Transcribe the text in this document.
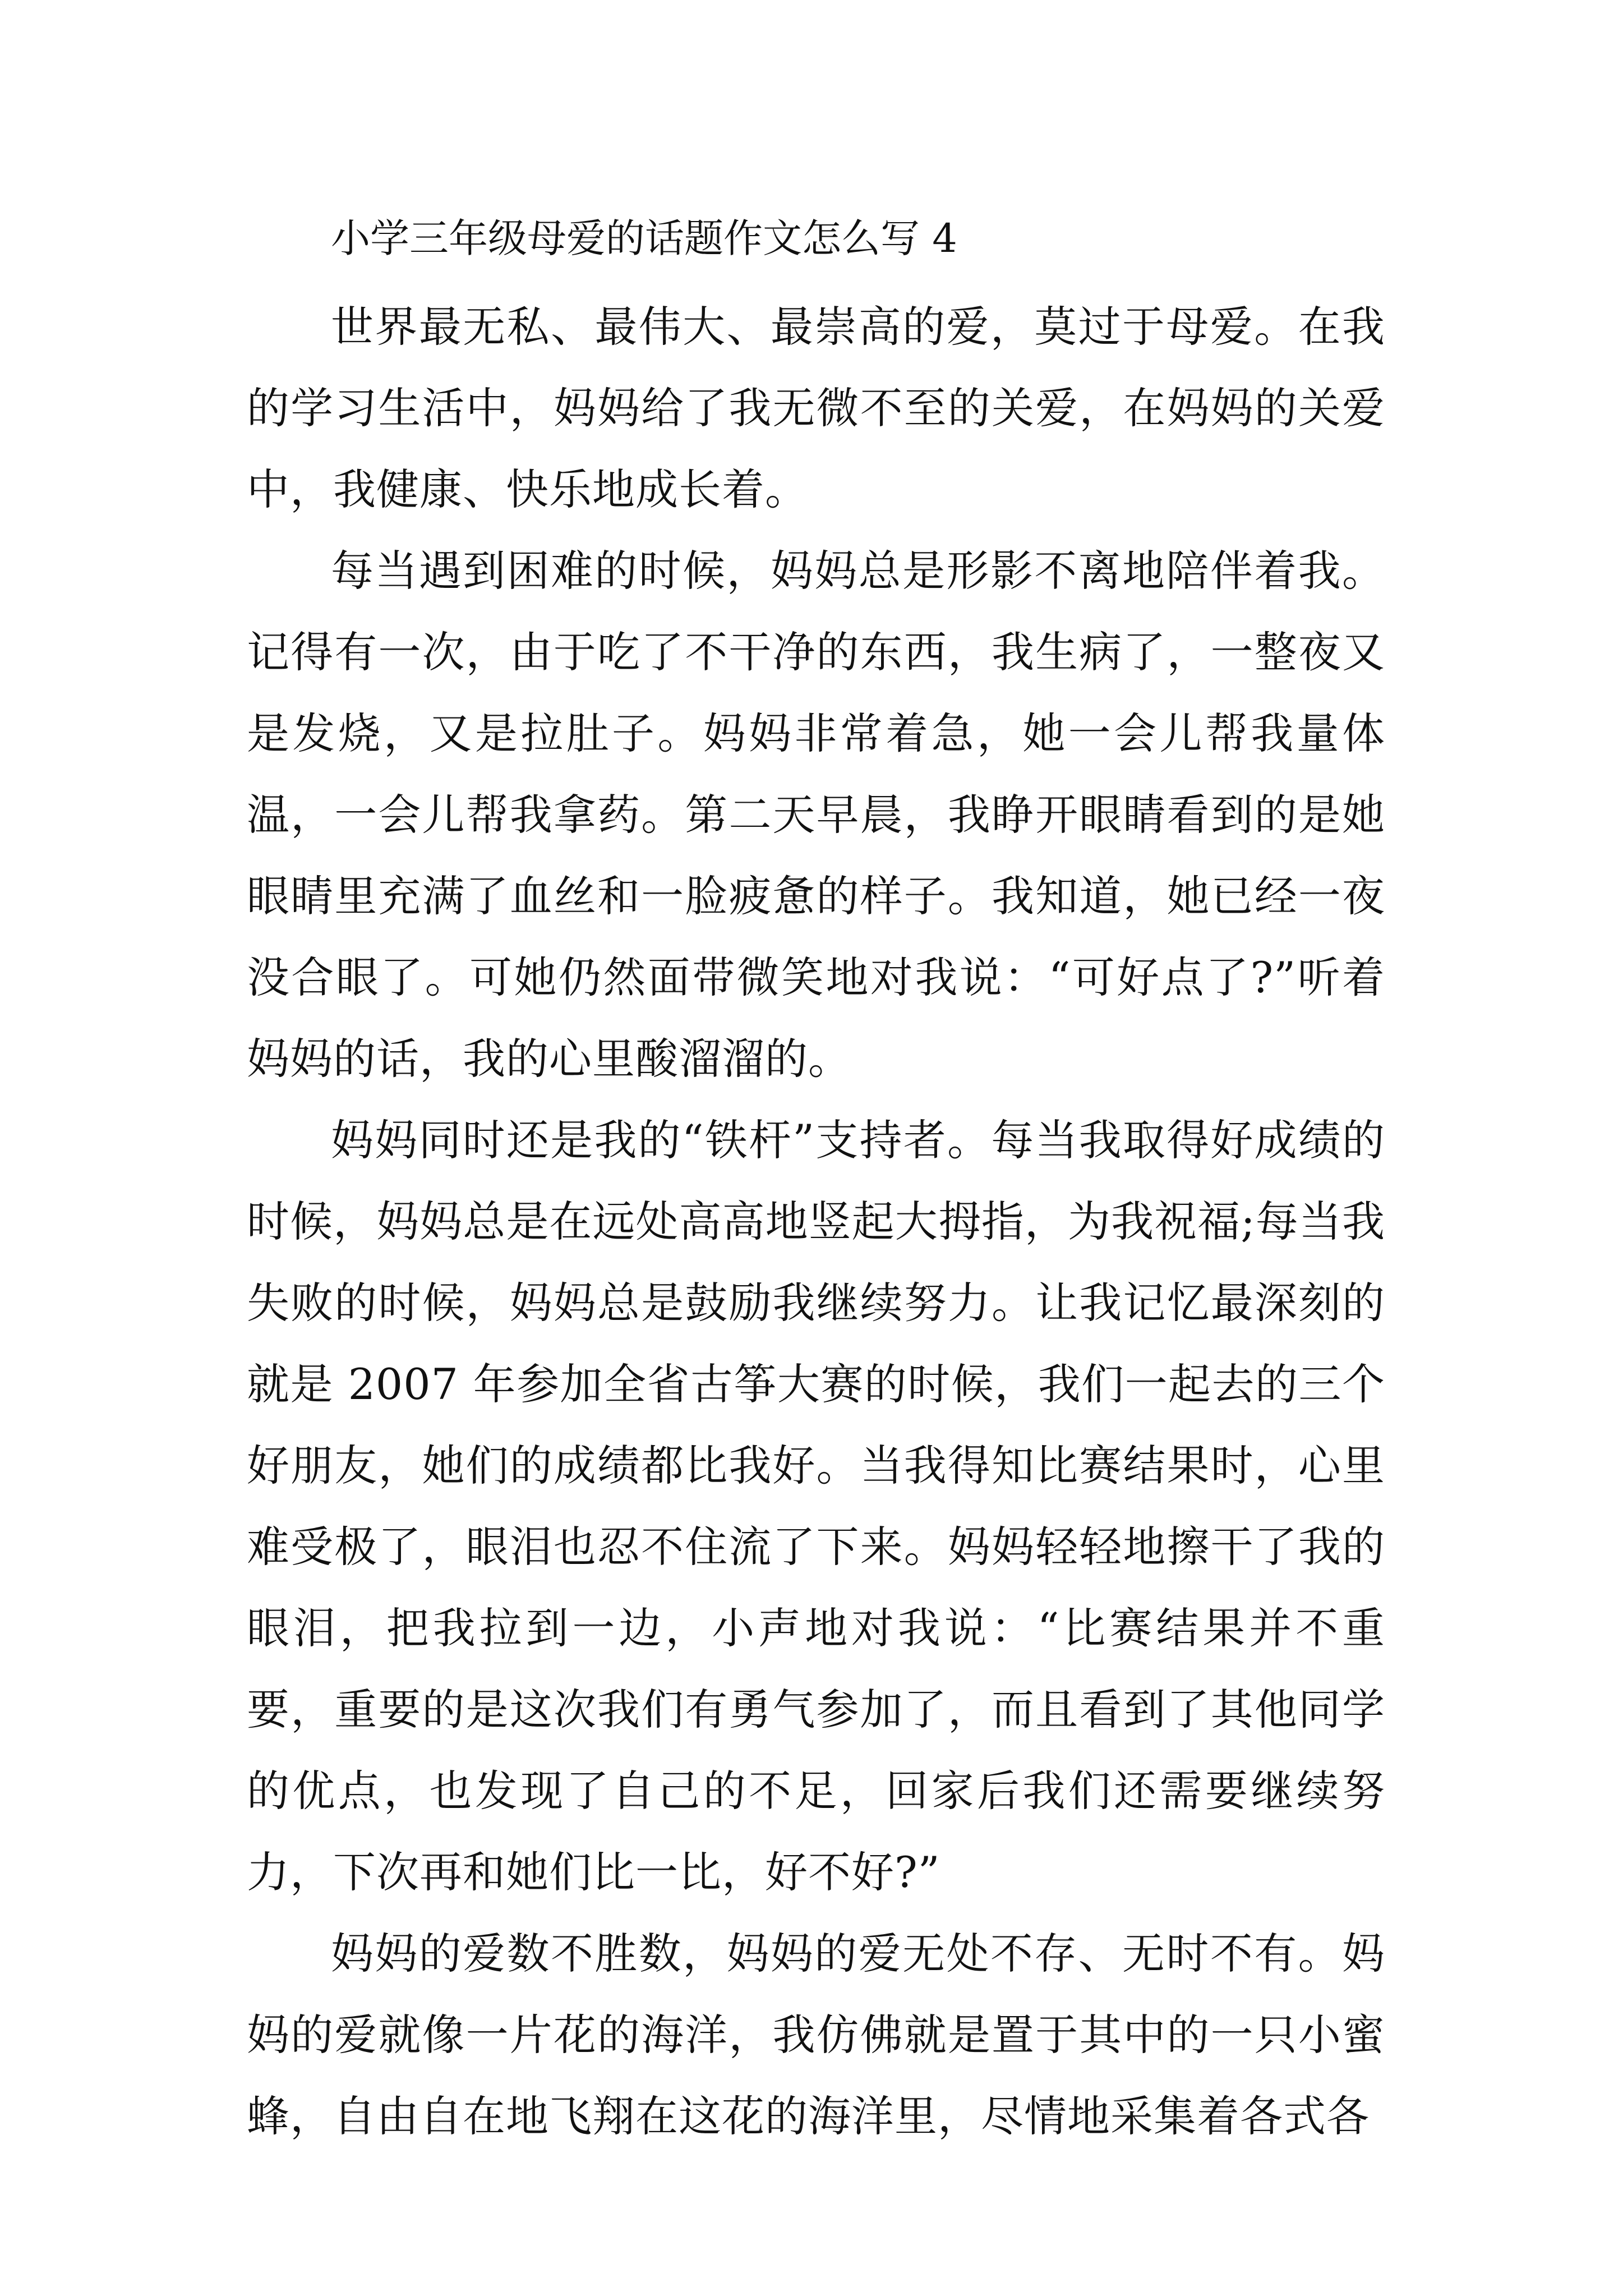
小学三年级母爱的话题作文怎么写 4

世界最无私、最伟大、最崇高的爱，莫过于母爱。在我的学习生活中，妈妈给了我无微不至的关爱，在妈妈的关爱中，我健康、快乐地成长着。

每当遇到困难的时候，妈妈总是形影不离地陪伴着我。记得有一次，由于吃了不干净的东西，我生病了，一整夜又是发烧，又是拉肚子。妈妈非常着急，她一会儿帮我量体温，一会儿帮我拿药。第二天早晨，我睁开眼睛看到的是她眼睛里充满了血丝和一脸疲惫的样子。我知道，她已经一夜没合眼了。可她仍然面带微笑地对我说：“可好点了?”听着妈妈的话，我的心里酸溜溜的。

妈妈同时还是我的“铁杆”支持者。每当我取得好成绩的时候，妈妈总是在远处高高地竖起大拇指，为我祝福;每当我失败的时候，妈妈总是鼓励我继续努力。让我记忆最深刻的就是 2007 年参加全省古筝大赛的时候，我们一起去的三个好朋友，她们的成绩都比我好。当我得知比赛结果时，心里难受极了，眼泪也忍不住流了下来。妈妈轻轻地擦干了我的眼泪，把我拉到一边，小声地对我说：“比赛结果并不重要，重要的是这次我们有勇气参加了，而且看到了其他同学的优点，也发现了自己的不足，回家后我们还需要继续努力，下次再和她们比一比，好不好?”

妈妈的爱数不胜数，妈妈的爱无处不存、无时不有。妈妈的爱就像一片花的海洋，我仿佛就是置于其中的一只小蜜蜂，自由自在地飞翔在这花的海洋里，尽情地采集着各式各
